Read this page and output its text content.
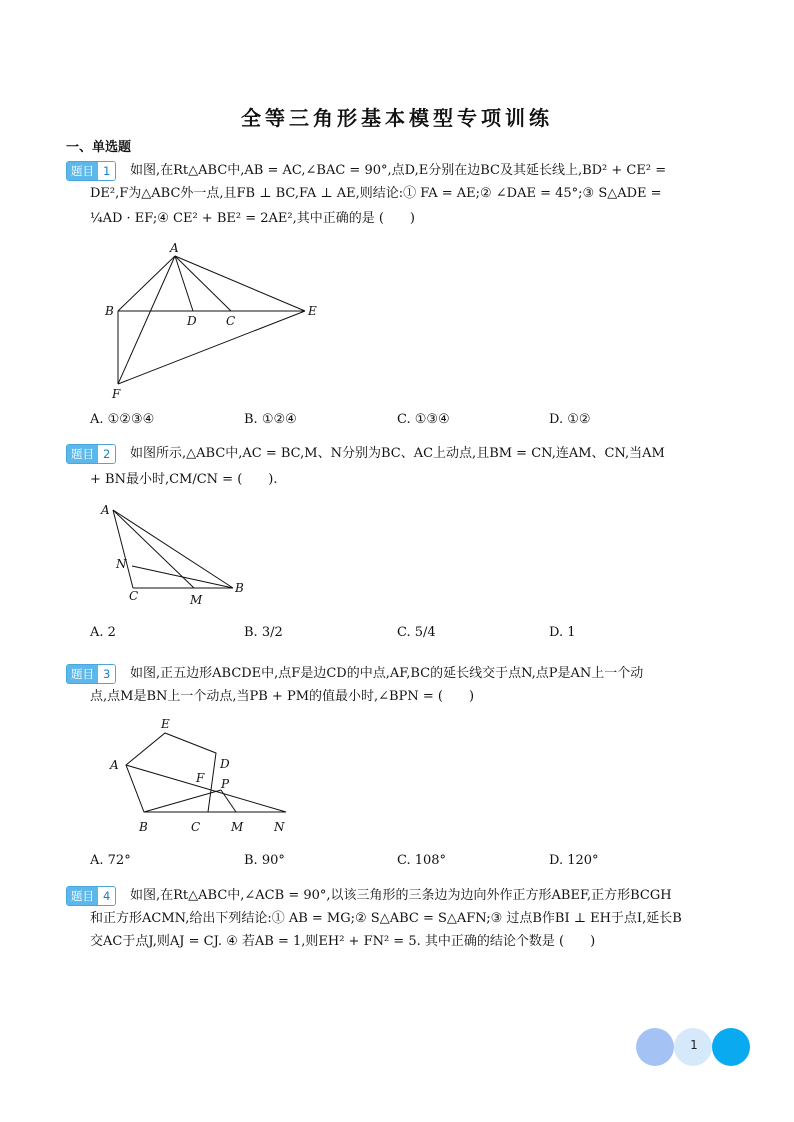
全等三角形基本模型专项训练
一、单选题
题目 1	如图,在Rt△ABC中,AB = AC,∠BAC = 90°,点D,E分别在边BC及其延长线上,BD² + CE² =
DE²,F为△ABC外一点,且FB ⊥ BC,FA ⊥ AE,则结论:① FA = AE;② ∠DAE = 45°;③ S△ADE =
¼AD · EF;④ CE² + BE² = 2AE²,其中正确的是 (　　)
A
B
D C
E
F
A. ①②③④	B. ①②④	C. ①③④	D. ①②
题目 2	如图所示,△ABC中,AC = BC,M、N分别为BC、AC上动点,且BM = CN,连AM、CN,当AM
+ BN最小时,CM/CN = (　　).
A
N
C	M
B
A. 2	B. 3/2	C. 5/4	D. 1
题目 3	如图,正五边形ABCDE中,点F是边CD的中点,AF,BC的延长线交于点N,点P是AN上一个动
点,点M是BN上一个动点,当PB + PM的值最小时,∠BPN = (　　)
E
A	D
F P
B	C	M	N
A. 72°	B. 90°	C. 108°	D. 120°
题目 4	如图,在Rt△ABC中,∠ACB = 90°,以该三角形的三条边为边向外作正方形ABEF,正方形BCGH
和正方形ACMN,给出下列结论:① AB = MG;② S△ABC = S△AFN;③ 过点B作BI ⊥ EH于点I,延长B
交AC于点J,则AJ = CJ. ④ 若AB = 1,则EH² + FN² = 5. 其中正确的结论个数是 (　　)
1
